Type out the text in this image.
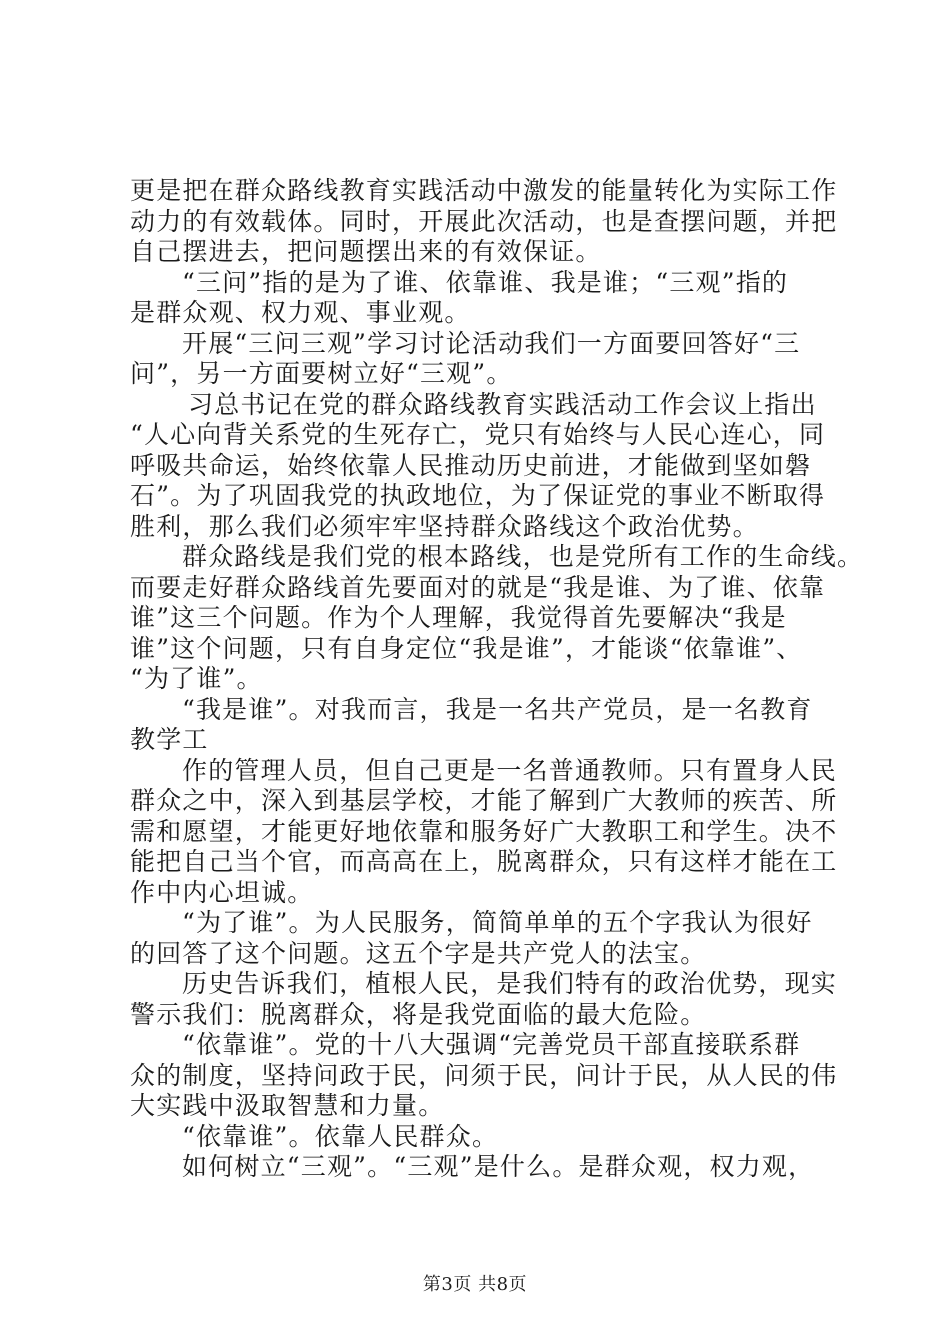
更是把在群众路线教育实践活动中激发的能量转化为实际工作
动力的有效载体。同时，开展此次活动，也是查摆问题，并把
自己摆进去，把问题摆出来的有效保证。
“三问”指的是为了谁、依靠谁、我是谁；“三观”指的
是群众观、权力观、事业观。
开展“三问三观”学习讨论活动我们一方面要回答好“三
问”，另一方面要树立好“三观”。
习总书记在党的群众路线教育实践活动工作会议上指出
“人心向背关系党的生死存亡，党只有始终与人民心连心，同
呼吸共命运，始终依靠人民推动历史前进，才能做到坚如磐
石”。为了巩固我党的执政地位，为了保证党的事业不断取得
胜利，那么我们必须牢牢坚持群众路线这个政治优势。
群众路线是我们党的根本路线，也是党所有工作的生命线。
而要走好群众路线首先要面对的就是“我是谁、为了谁、依靠
谁”这三个问题。作为个人理解，我觉得首先要解决“我是
谁”这个问题，只有自身定位“我是谁”，才能谈“依靠谁”、
“为了谁”。
“我是谁”。对我而言，我是一名共产党员，是一名教育
教学工
作的管理人员，但自己更是一名普通教师。只有置身人民
群众之中，深入到基层学校，才能了解到广大教师的疾苦、所
需和愿望，才能更好地依靠和服务好广大教职工和学生。决不
能把自己当个官，而高高在上，脱离群众，只有这样才能在工
作中内心坦诚。
“为了谁”。为人民服务，简简单单的五个字我认为很好
的回答了这个问题。这五个字是共产党人的法宝。
历史告诉我们，植根人民，是我们特有的政治优势，现实
警示我们：脱离群众，将是我党面临的最大危险。
“依靠谁”。党的十八大强调“完善党员干部直接联系群
众的制度，坚持问政于民，问须于民，问计于民，从人民的伟
大实践中汲取智慧和力量。
“依靠谁”。依靠人民群众。
如何树立“三观”。“三观”是什么。是群众观，权力观，
第3页 共8页
